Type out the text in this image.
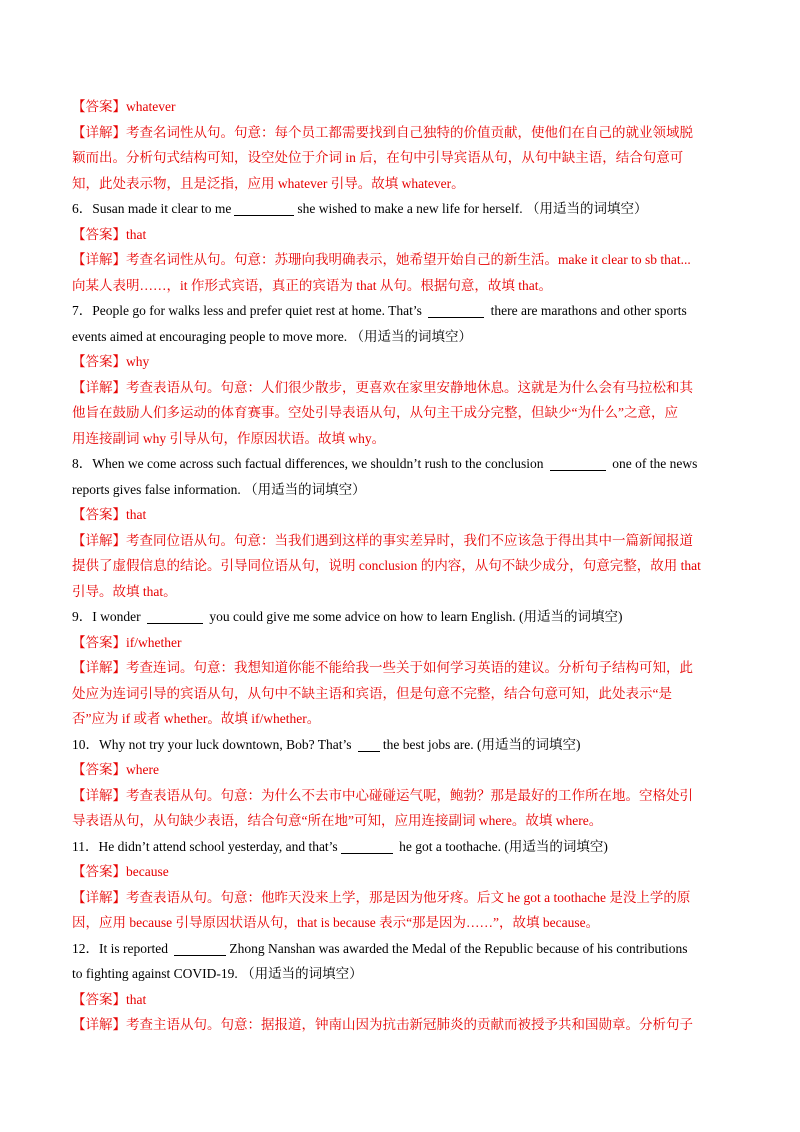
【答案】whatever
【详解】考查名词性从句。句意：每个员工都需要找到自己独特的价值贡献，使他们在自己的就业领域脱
颖而出。分析句式结构可知，设空处位于介词 in 后，在句中引导宾语从句，从句中缺主语，结合句意可
知，此处表示物，且是泛指，应用 whatever 引导。故填 whatever。
6．Susan made it clear to me	she wished to make a new life for herself. （用适当的词填空）
【答案】that
【详解】考查名词性从句。句意：苏珊向我明确表示，她希望开始自己的新生活。make it clear to sb that...
向某人表明……，it 作形式宾语，真正的宾语为 that 从句。根据句意，故填 that。
7．People go for walks less and prefer quiet rest at home. That’s	there are marathons and other sports
events aimed at encouraging people to move more. （用适当的词填空）
【答案】why
【详解】考查表语从句。句意：人们很少散步，更喜欢在家里安静地休息。这就是为什么会有马拉松和其
他旨在鼓励人们多运动的体育赛事。空处引导表语从句，从句主干成分完整，但缺少“为什么”之意，应
用连接副词 why 引导从句，作原因状语。故填 why。
8．When we come across such factual differences, we shouldn’t rush to the conclusion	one of the news
reports gives false information. （用适当的词填空）
【答案】that
【详解】考查同位语从句。句意：当我们遇到这样的事实差异时，我们不应该急于得出其中一篇新闻报道
提供了虚假信息的结论。引导同位语从句，说明 conclusion 的内容，从句不缺少成分，句意完整，故用 that
引导。故填 that。
9．I wonder	you could give me some advice on how to learn English. (用适当的词填空)
【答案】if/whether
【详解】考查连词。句意：我想知道你能不能给我一些关于如何学习英语的建议。分析句子结构可知，此
处应为连词引导的宾语从句，从句中不缺主语和宾语，但是句意不完整，结合句意可知，此处表示“是
否”应为 if 或者 whether。故填 if/whether。
10．Why not try your luck downtown, Bob? That’s the best jobs are. (用适当的词填空)
【答案】where
【详解】考查表语从句。句意：为什么不去市中心碰碰运气呢，鲍勃？那是最好的工作所在地。空格处引
导表语从句，从句缺少表语，结合句意“所在地”可知，应用连接副词 where。故填 where。
11．He didn’t attend school yesterday, and that’s	he got a toothache. (用适当的词填空)
【答案】because
【详解】考查表语从句。句意：他昨天没来上学，那是因为他牙疼。后文 he got a toothache 是没上学的原
因，应用 because 引导原因状语从句，that is because 表示“那是因为……”，故填 because。
12．It is reported	Zhong Nanshan was awarded the Medal of the Republic because of his contributions
to fighting against COVID-19. （用适当的词填空）
【答案】that
【详解】考查主语从句。句意：据报道，钟南山因为抗击新冠肺炎的贡献而被授予共和国勋章。分析句子
